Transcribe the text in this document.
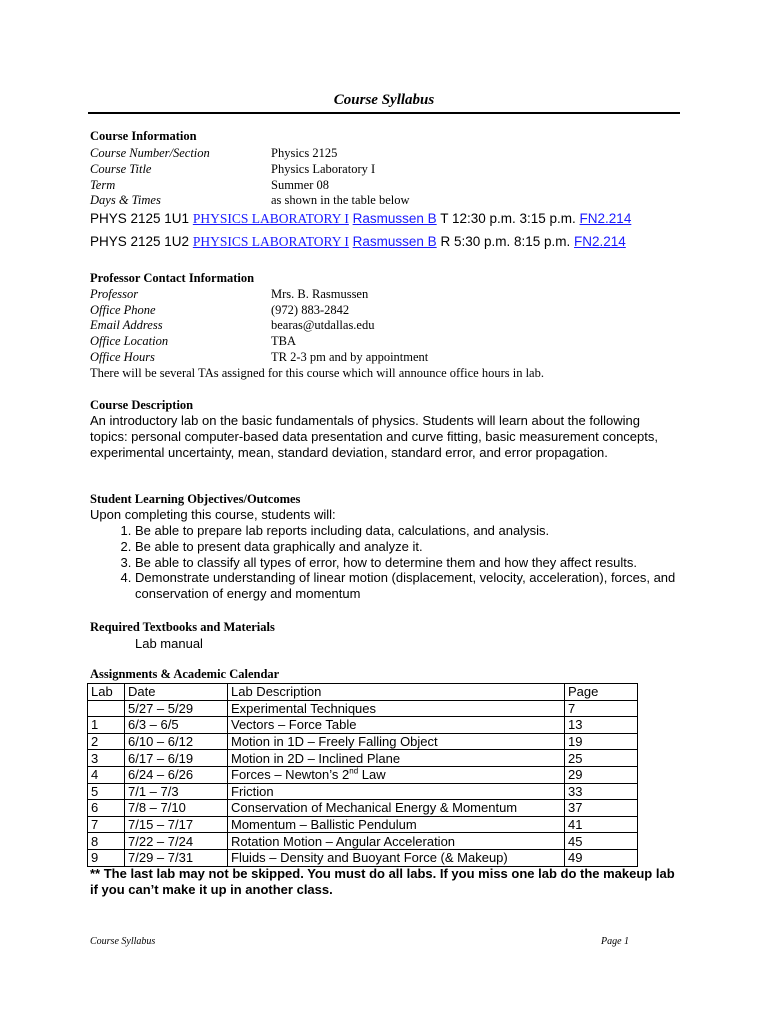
Course Syllabus
Course Information
Course Number/Section	Physics 2125
Course Title	Physics Laboratory I
Term	Summer 08
Days & Times	as shown in the table below
PHYS 2125 1U1 PHYSICS LABORATORY I Rasmussen B T 12:30 p.m. 3:15 p.m. FN2.214
PHYS 2125 1U2 PHYSICS LABORATORY I Rasmussen B R 5:30 p.m. 8:15 p.m. FN2.214
Professor Contact Information
Professor	Mrs. B. Rasmussen
Office Phone	(972) 883-2842
Email Address	bearas@utdallas.edu
Office Location	TBA
Office Hours	TR 2-3 pm and by appointment
There will be several TAs assigned for this course which will announce office hours in lab.
Course Description
An introductory lab on the basic fundamentals of physics. Students will learn about the following topics: personal computer-based data presentation and curve fitting, basic measurement concepts, experimental uncertainty, mean, standard deviation, standard error, and error propagation.
Student Learning Objectives/Outcomes
Upon completing this course, students will:
1. Be able to prepare lab reports including data, calculations, and analysis.
2. Be able to present data graphically and analyze it.
3. Be able to classify all types of error, how to determine them and how they affect results.
4. Demonstrate understanding of linear motion (displacement, velocity, acceleration), forces, and conservation of energy and momentum
Required Textbooks and Materials
Lab manual
Assignments & Academic Calendar
Lab	Date	Lab Description	Page
	5/27 – 5/29	Experimental Techniques	7
1	6/3 – 6/5	Vectors – Force Table	13
2	6/10 – 6/12	Motion in 1D – Freely Falling Object	19
3	6/17 – 6/19	Motion in 2D – Inclined Plane	25
4	6/24 – 6/26	Forces – Newton’s 2nd Law	29
5	7/1 – 7/3	Friction	33
6	7/8 – 7/10	Conservation of Mechanical Energy & Momentum	37
7	7/15 – 7/17	Momentum – Ballistic Pendulum	41
8	7/22 – 7/24	Rotation Motion – Angular Acceleration	45
9	7/29 – 7/31	Fluids – Density and Buoyant Force (& Makeup)	49
** The last lab may not be skipped. You must do all labs. If you miss one lab do the makeup lab if you can’t make it up in another class.
Course Syllabus	Page 1
